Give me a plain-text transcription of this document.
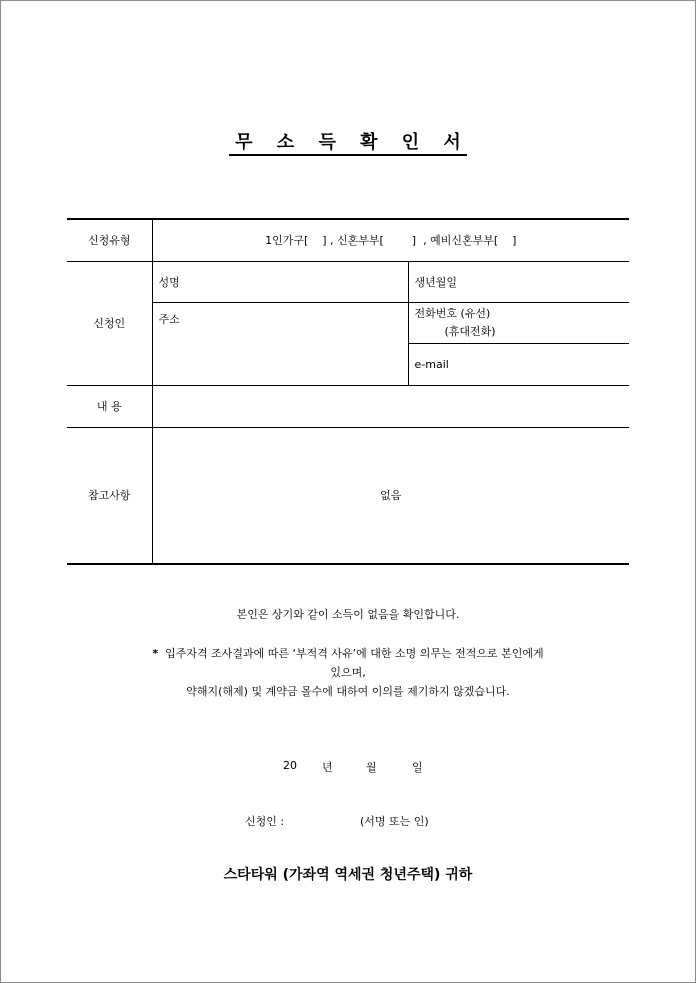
무 소 득 확 인 서
신청유형	1인가구[    ] , 신혼부부[        ]  , 예비신혼부부[    ]	
신청인	성명	생년월일
	주소	전화번호 (유선)
(휴대전화)

		e-mail
내 용		
참고사항	없음	
본인은 상기와 같이 소득이 없음을 확인합니다.
* 입주자격 조사결과에 따른 ‘부적격 사유’에 대한 소명 의무는 전적으로 본인에게
있으며,
약해지(해제) 및 계약금 몰수에 대하여 이의를 제기하지 않겠습니다.
20 년	월	일
신청인 :	(서명 또는 인)
스타타워 (가좌역 역세권 청년주택) 귀하
